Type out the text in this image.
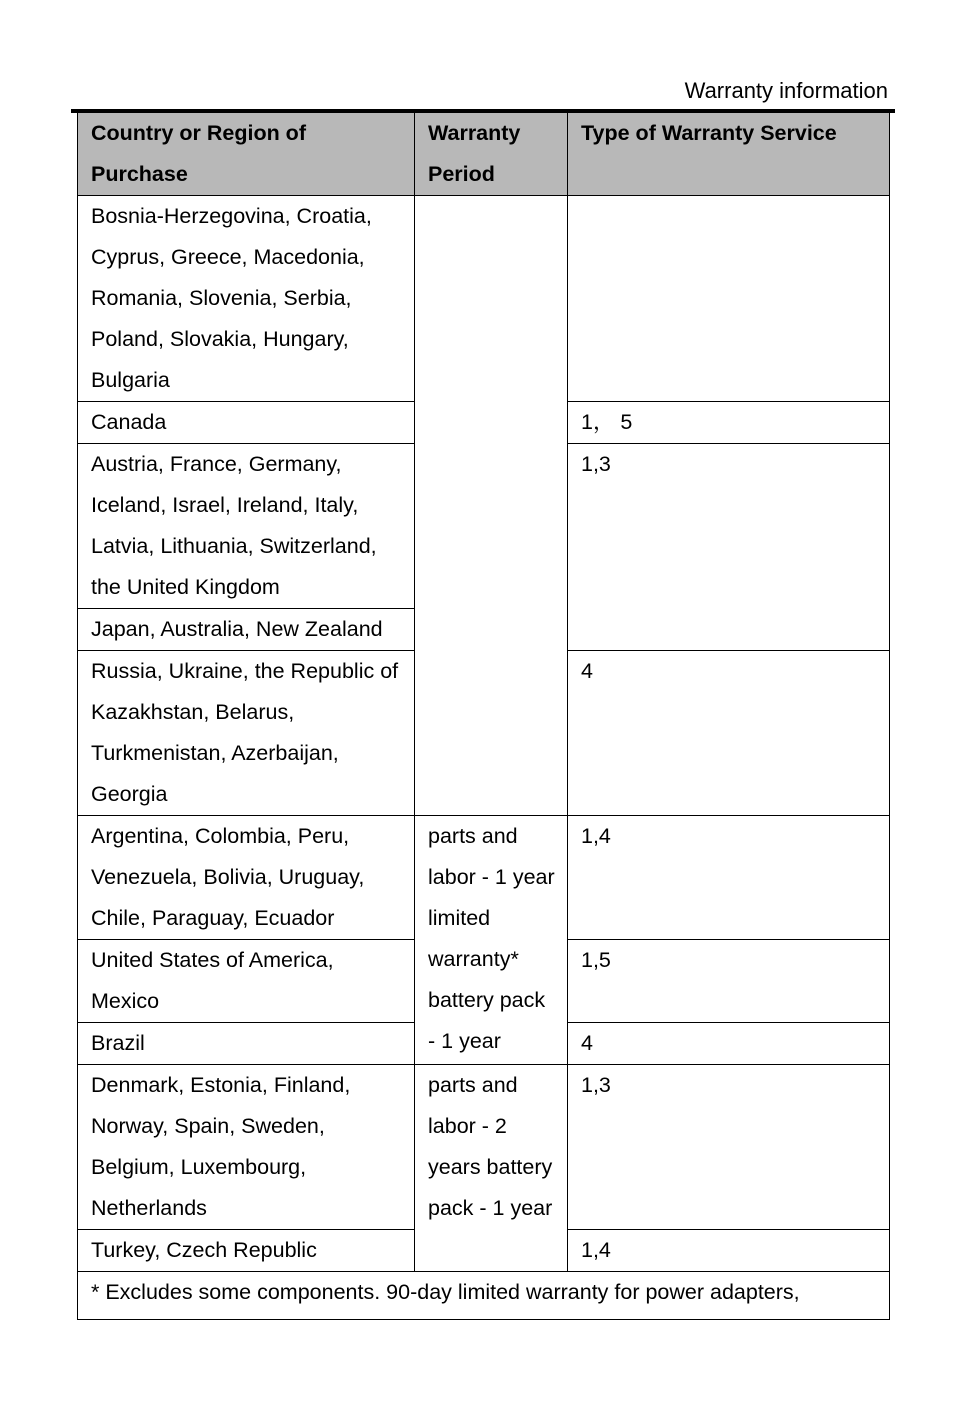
Warranty information
Country or Region of Purchase	Warranty Period	Type of Warranty Service
Bosnia-Herzegovina, Croatia, Cyprus, Greece, Macedonia, Romania, Slovenia, Serbia, Poland, Slovakia, Hungary, Bulgaria		
Canada		1， 5
Austria, France, Germany, Iceland, Israel, Ireland, Italy, Latvia, Lithuania, Switzerland, the United Kingdom		1,3
Japan, Australia, New Zealand		
Russia, Ukraine, the Republic of Kazakhstan, Belarus, Turkmenistan, Azerbaijan, Georgia		4
Argentina, Colombia, Peru, Venezuela, Bolivia, Uruguay, Chile, Paraguay, Ecuador	parts and labor - 1 year limited warranty* battery pack - 1 year	1,4
United States of America, Mexico		1,5
Brazil		4
Denmark, Estonia, Finland, Norway, Spain, Sweden, Belgium, Luxembourg, Netherlands	parts and labor - 2 years battery pack - 1 year	1,3
Turkey, Czech Republic		1,4
* Excludes some components. 90-day limited warranty for power adapters,		
